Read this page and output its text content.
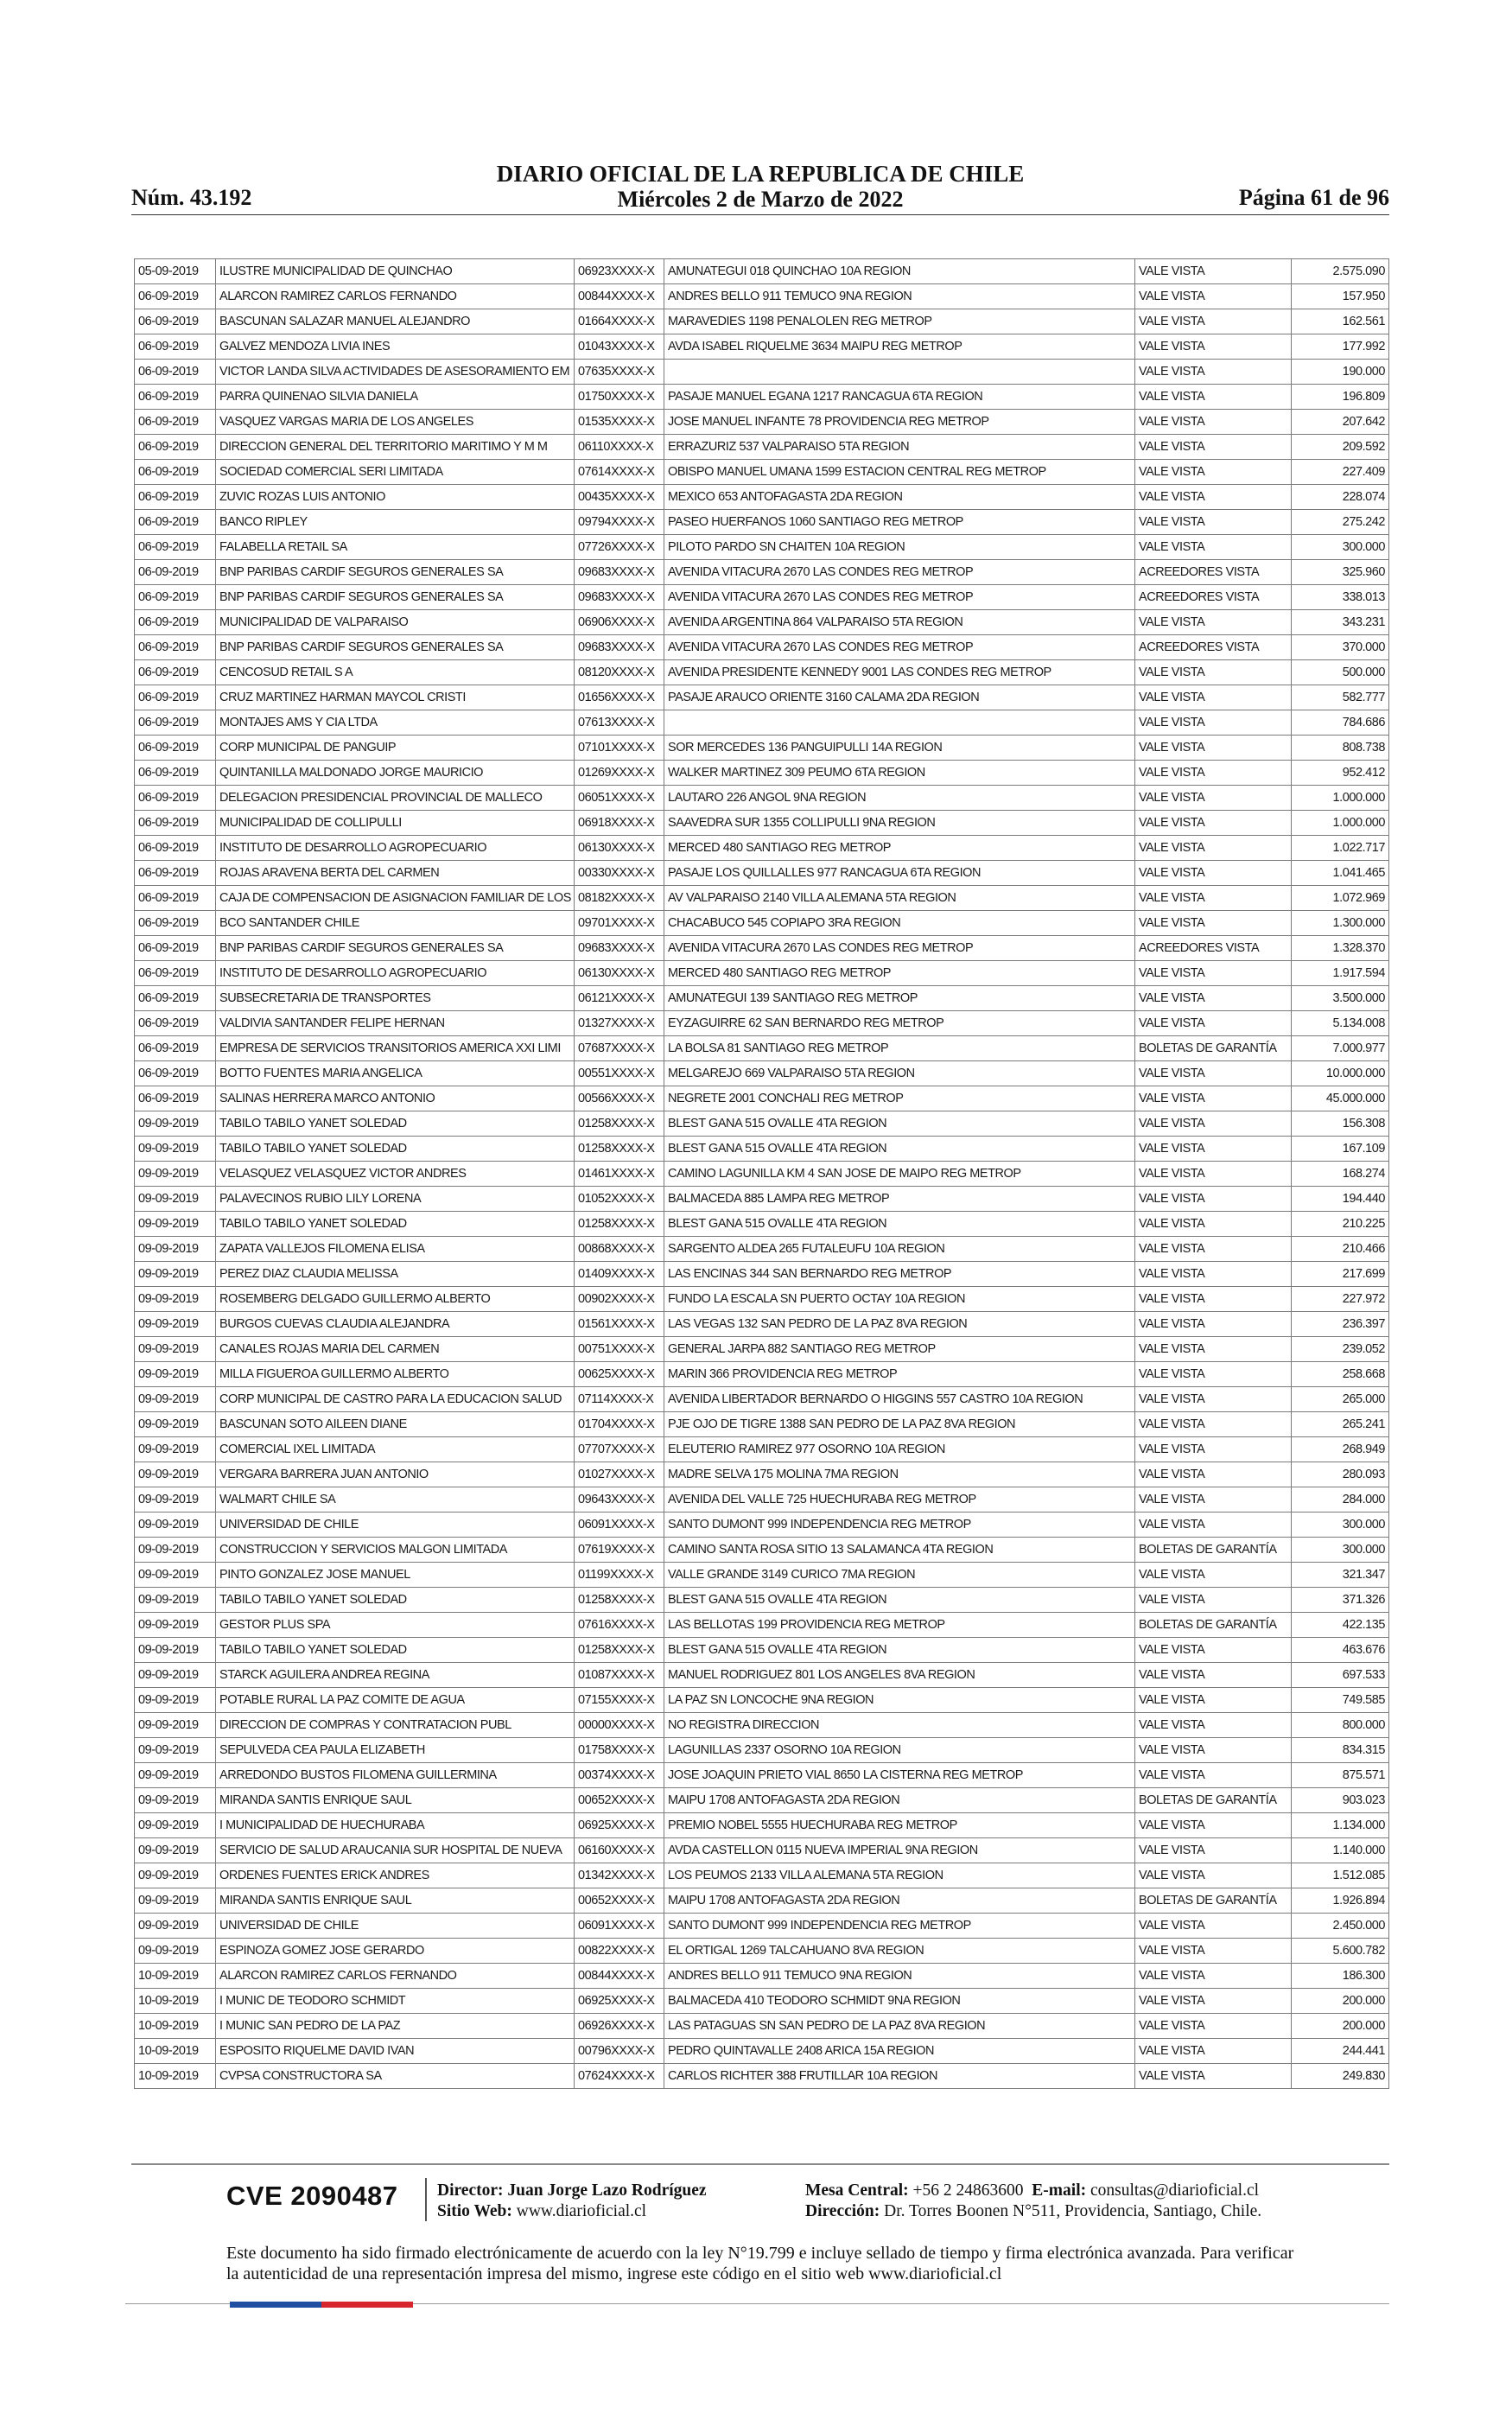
Núm. 43.192
DIARIO OFICIAL DE LA REPUBLICA DE CHILE
Miércoles 2 de Marzo de 2022	Página 61 de 96
05-09-2019	ILUSTRE MUNICIPALIDAD DE QUINCHAO	06923XXXX-X	AMUNATEGUI 018 QUINCHAO 10A REGION	VALE VISTA	2.575.090
06-09-2019	ALARCON RAMIREZ CARLOS FERNANDO	00844XXXX-X	ANDRES BELLO 911 TEMUCO 9NA REGION	VALE VISTA	157.950
06-09-2019	BASCUNAN SALAZAR MANUEL ALEJANDRO	01664XXXX-X	MARAVEDIES 1198 PENALOLEN REG METROP	VALE VISTA	162.561
06-09-2019	GALVEZ MENDOZA LIVIA INES	01043XXXX-X	AVDA ISABEL RIQUELME 3634 MAIPU REG METROP	VALE VISTA	177.992
06-09-2019	VICTOR LANDA SILVA ACTIVIDADES DE ASESORAMIENTO EM	07635XXXX-X		VALE VISTA	190.000
06-09-2019	PARRA QUINENAO SILVIA DANIELA	01750XXXX-X	PASAJE MANUEL EGANA 1217 RANCAGUA 6TA REGION	VALE VISTA	196.809
06-09-2019	VASQUEZ VARGAS MARIA DE LOS ANGELES	01535XXXX-X	JOSE MANUEL INFANTE 78 PROVIDENCIA REG METROP	VALE VISTA	207.642
06-09-2019	DIRECCION GENERAL DEL TERRITORIO MARITIMO Y M M	06110XXXX-X	ERRAZURIZ 537 VALPARAISO 5TA REGION	VALE VISTA	209.592
06-09-2019	SOCIEDAD COMERCIAL SERI LIMITADA	07614XXXX-X	OBISPO MANUEL UMANA 1599 ESTACION CENTRAL REG METROP	VALE VISTA	227.409
06-09-2019	ZUVIC ROZAS LUIS ANTONIO	00435XXXX-X	MEXICO 653 ANTOFAGASTA 2DA REGION	VALE VISTA	228.074
06-09-2019	BANCO RIPLEY	09794XXXX-X	PASEO HUERFANOS 1060 SANTIAGO REG METROP	VALE VISTA	275.242
06-09-2019	FALABELLA RETAIL SA	07726XXXX-X	PILOTO PARDO SN CHAITEN 10A REGION	VALE VISTA	300.000
06-09-2019	BNP PARIBAS CARDIF SEGUROS GENERALES SA	09683XXXX-X	AVENIDA VITACURA 2670 LAS CONDES REG METROP	ACREEDORES VISTA	325.960
06-09-2019	BNP PARIBAS CARDIF SEGUROS GENERALES SA	09683XXXX-X	AVENIDA VITACURA 2670 LAS CONDES REG METROP	ACREEDORES VISTA	338.013
06-09-2019	MUNICIPALIDAD DE VALPARAISO	06906XXXX-X	AVENIDA ARGENTINA 864 VALPARAISO 5TA REGION	VALE VISTA	343.231
06-09-2019	BNP PARIBAS CARDIF SEGUROS GENERALES SA	09683XXXX-X	AVENIDA VITACURA 2670 LAS CONDES REG METROP	ACREEDORES VISTA	370.000
06-09-2019	CENCOSUD RETAIL S A	08120XXXX-X	AVENIDA PRESIDENTE KENNEDY 9001 LAS CONDES REG METROP	VALE VISTA	500.000
06-09-2019	CRUZ MARTINEZ HARMAN MAYCOL CRISTI	01656XXXX-X	PASAJE ARAUCO ORIENTE 3160 CALAMA 2DA REGION	VALE VISTA	582.777
06-09-2019	MONTAJES AMS Y CIA LTDA	07613XXXX-X		VALE VISTA	784.686
06-09-2019	CORP MUNICIPAL DE PANGUIP	07101XXXX-X	SOR MERCEDES 136 PANGUIPULLI 14A REGION	VALE VISTA	808.738
06-09-2019	QUINTANILLA MALDONADO JORGE MAURICIO	01269XXXX-X	WALKER MARTINEZ 309 PEUMO 6TA REGION	VALE VISTA	952.412
06-09-2019	DELEGACION PRESIDENCIAL PROVINCIAL DE MALLECO	06051XXXX-X	LAUTARO 226 ANGOL 9NA REGION	VALE VISTA	1.000.000
06-09-2019	MUNICIPALIDAD DE COLLIPULLI	06918XXXX-X	SAAVEDRA SUR 1355 COLLIPULLI 9NA REGION	VALE VISTA	1.000.000
06-09-2019	INSTITUTO DE DESARROLLO AGROPECUARIO	06130XXXX-X	MERCED 480 SANTIAGO REG METROP	VALE VISTA	1.022.717
06-09-2019	ROJAS ARAVENA BERTA DEL CARMEN	00330XXXX-X	PASAJE LOS QUILLALLES 977 RANCAGUA 6TA REGION	VALE VISTA	1.041.465
06-09-2019	CAJA DE COMPENSACION DE ASIGNACION FAMILIAR DE LOS	08182XXXX-X	AV VALPARAISO 2140 VILLA ALEMANA 5TA REGION	VALE VISTA	1.072.969
06-09-2019	BCO SANTANDER CHILE	09701XXXX-X	CHACABUCO 545 COPIAPO 3RA REGION	VALE VISTA	1.300.000
06-09-2019	BNP PARIBAS CARDIF SEGUROS GENERALES SA	09683XXXX-X	AVENIDA VITACURA 2670 LAS CONDES REG METROP	ACREEDORES VISTA	1.328.370
06-09-2019	INSTITUTO DE DESARROLLO AGROPECUARIO	06130XXXX-X	MERCED 480 SANTIAGO REG METROP	VALE VISTA	1.917.594
06-09-2019	SUBSECRETARIA DE TRANSPORTES	06121XXXX-X	AMUNATEGUI 139 SANTIAGO REG METROP	VALE VISTA	3.500.000
06-09-2019	VALDIVIA SANTANDER FELIPE HERNAN	01327XXXX-X	EYZAGUIRRE 62 SAN BERNARDO REG METROP	VALE VISTA	5.134.008
06-09-2019	EMPRESA DE SERVICIOS TRANSITORIOS AMERICA XXI LIMI	07687XXXX-X	LA BOLSA 81 SANTIAGO REG METROP	BOLETAS DE GARANTÍA	7.000.977
06-09-2019	BOTTO FUENTES MARIA ANGELICA	00551XXXX-X	MELGAREJO 669 VALPARAISO 5TA REGION	VALE VISTA	10.000.000
06-09-2019	SALINAS HERRERA MARCO ANTONIO	00566XXXX-X	NEGRETE 2001 CONCHALI REG METROP	VALE VISTA	45.000.000
09-09-2019	TABILO TABILO YANET SOLEDAD	01258XXXX-X	BLEST GANA 515 OVALLE 4TA REGION	VALE VISTA	156.308
09-09-2019	TABILO TABILO YANET SOLEDAD	01258XXXX-X	BLEST GANA 515 OVALLE 4TA REGION	VALE VISTA	167.109
09-09-2019	VELASQUEZ VELASQUEZ VICTOR ANDRES	01461XXXX-X	CAMINO LAGUNILLA KM 4 SAN JOSE DE MAIPO REG METROP	VALE VISTA	168.274
09-09-2019	PALAVECINOS RUBIO LILY LORENA	01052XXXX-X	BALMACEDA 885 LAMPA REG METROP	VALE VISTA	194.440
09-09-2019	TABILO TABILO YANET SOLEDAD	01258XXXX-X	BLEST GANA 515 OVALLE 4TA REGION	VALE VISTA	210.225
09-09-2019	ZAPATA VALLEJOS FILOMENA ELISA	00868XXXX-X	SARGENTO ALDEA 265 FUTALEUFU 10A REGION	VALE VISTA	210.466
09-09-2019	PEREZ DIAZ CLAUDIA MELISSA	01409XXXX-X	LAS ENCINAS 344 SAN BERNARDO REG METROP	VALE VISTA	217.699
09-09-2019	ROSEMBERG DELGADO GUILLERMO ALBERTO	00902XXXX-X	FUNDO LA ESCALA SN PUERTO OCTAY 10A REGION	VALE VISTA	227.972
09-09-2019	BURGOS CUEVAS CLAUDIA ALEJANDRA	01561XXXX-X	LAS VEGAS 132 SAN PEDRO DE LA PAZ 8VA REGION	VALE VISTA	236.397
09-09-2019	CANALES ROJAS MARIA DEL CARMEN	00751XXXX-X	GENERAL JARPA 882 SANTIAGO REG METROP	VALE VISTA	239.052
09-09-2019	MILLA FIGUEROA GUILLERMO ALBERTO	00625XXXX-X	MARIN 366 PROVIDENCIA REG METROP	VALE VISTA	258.668
09-09-2019	CORP MUNICIPAL DE CASTRO PARA LA EDUCACION SALUD	07114XXXX-X	AVENIDA LIBERTADOR BERNARDO O HIGGINS 557 CASTRO 10A REGION	VALE VISTA	265.000
09-09-2019	BASCUNAN SOTO AILEEN DIANE	01704XXXX-X	PJE OJO DE TIGRE 1388 SAN PEDRO DE LA PAZ 8VA REGION	VALE VISTA	265.241
09-09-2019	COMERCIAL IXEL LIMITADA	07707XXXX-X	ELEUTERIO RAMIREZ 977 OSORNO 10A REGION	VALE VISTA	268.949
09-09-2019	VERGARA BARRERA JUAN ANTONIO	01027XXXX-X	MADRE SELVA 175 MOLINA 7MA REGION	VALE VISTA	280.093
09-09-2019	WALMART CHILE SA	09643XXXX-X	AVENIDA DEL VALLE 725 HUECHURABA REG METROP	VALE VISTA	284.000
09-09-2019	UNIVERSIDAD DE CHILE	06091XXXX-X	SANTO DUMONT 999 INDEPENDENCIA REG METROP	VALE VISTA	300.000
09-09-2019	CONSTRUCCION Y SERVICIOS MALGON LIMITADA	07619XXXX-X	CAMINO SANTA ROSA SITIO 13 SALAMANCA 4TA REGION	BOLETAS DE GARANTÍA	300.000
09-09-2019	PINTO GONZALEZ JOSE MANUEL	01199XXXX-X	VALLE GRANDE 3149 CURICO 7MA REGION	VALE VISTA	321.347
09-09-2019	TABILO TABILO YANET SOLEDAD	01258XXXX-X	BLEST GANA 515 OVALLE 4TA REGION	VALE VISTA	371.326
09-09-2019	GESTOR PLUS SPA	07616XXXX-X	LAS BELLOTAS 199 PROVIDENCIA REG METROP	BOLETAS DE GARANTÍA	422.135
09-09-2019	TABILO TABILO YANET SOLEDAD	01258XXXX-X	BLEST GANA 515 OVALLE 4TA REGION	VALE VISTA	463.676
09-09-2019	STARCK AGUILERA ANDREA REGINA	01087XXXX-X	MANUEL RODRIGUEZ 801 LOS ANGELES 8VA REGION	VALE VISTA	697.533
09-09-2019	POTABLE RURAL LA PAZ COMITE DE AGUA	07155XXXX-X	LA PAZ SN LONCOCHE 9NA REGION	VALE VISTA	749.585
09-09-2019	DIRECCION DE COMPRAS Y CONTRATACION PUBL	00000XXXX-X	NO REGISTRA DIRECCION	VALE VISTA	800.000
09-09-2019	SEPULVEDA CEA PAULA ELIZABETH	01758XXXX-X	LAGUNILLAS 2337 OSORNO 10A REGION	VALE VISTA	834.315
09-09-2019	ARREDONDO BUSTOS FILOMENA GUILLERMINA	00374XXXX-X	JOSE JOAQUIN PRIETO VIAL 8650 LA CISTERNA REG METROP	VALE VISTA	875.571
09-09-2019	MIRANDA SANTIS ENRIQUE SAUL	00652XXXX-X	MAIPU 1708 ANTOFAGASTA 2DA REGION	BOLETAS DE GARANTÍA	903.023
09-09-2019	I MUNICIPALIDAD DE HUECHURABA	06925XXXX-X	PREMIO NOBEL 5555 HUECHURABA REG METROP	VALE VISTA	1.134.000
09-09-2019	SERVICIO DE SALUD ARAUCANIA SUR HOSPITAL DE NUEVA	06160XXXX-X	AVDA CASTELLON 0115 NUEVA IMPERIAL 9NA REGION	VALE VISTA	1.140.000
09-09-2019	ORDENES FUENTES ERICK ANDRES	01342XXXX-X	LOS PEUMOS 2133 VILLA ALEMANA 5TA REGION	VALE VISTA	1.512.085
09-09-2019	MIRANDA SANTIS ENRIQUE SAUL	00652XXXX-X	MAIPU 1708 ANTOFAGASTA 2DA REGION	BOLETAS DE GARANTÍA	1.926.894
09-09-2019	UNIVERSIDAD DE CHILE	06091XXXX-X	SANTO DUMONT 999 INDEPENDENCIA REG METROP	VALE VISTA	2.450.000
09-09-2019	ESPINOZA GOMEZ JOSE GERARDO	00822XXXX-X	EL ORTIGAL 1269 TALCAHUANO 8VA REGION	VALE VISTA	5.600.782
10-09-2019	ALARCON RAMIREZ CARLOS FERNANDO	00844XXXX-X	ANDRES BELLO 911 TEMUCO 9NA REGION	VALE VISTA	186.300
10-09-2019	I MUNIC DE TEODORO SCHMIDT	06925XXXX-X	BALMACEDA 410 TEODORO SCHMIDT 9NA REGION	VALE VISTA	200.000
10-09-2019	I MUNIC SAN PEDRO DE LA PAZ	06926XXXX-X	LAS PATAGUAS SN SAN PEDRO DE LA PAZ 8VA REGION	VALE VISTA	200.000
10-09-2019	ESPOSITO RIQUELME DAVID IVAN	00796XXXX-X	PEDRO QUINTAVALLE 2408 ARICA 15A REGION	VALE VISTA	244.441
10-09-2019	CVPSA CONSTRUCTORA SA	07624XXXX-X	CARLOS RICHTER 388 FRUTILLAR 10A REGION	VALE VISTA	249.830
CVE 2090487 Director: Juan Jorge Lazo Rodríguez
Sitio Web: www.diarioficial.cl
Mesa Central: +56 2 24863600 E-mail: consultas@diarioficial.cl
Dirección: Dr. Torres Boonen N°511, Providencia, Santiago, Chile.
Este documento ha sido firmado electrónicamente de acuerdo con la ley N°19.799 e incluye sellado de tiempo y firma electrónica avanzada. Para verificar la autenticidad de una representación impresa del mismo, ingrese este código en el sitio web www.diarioficial.cl
